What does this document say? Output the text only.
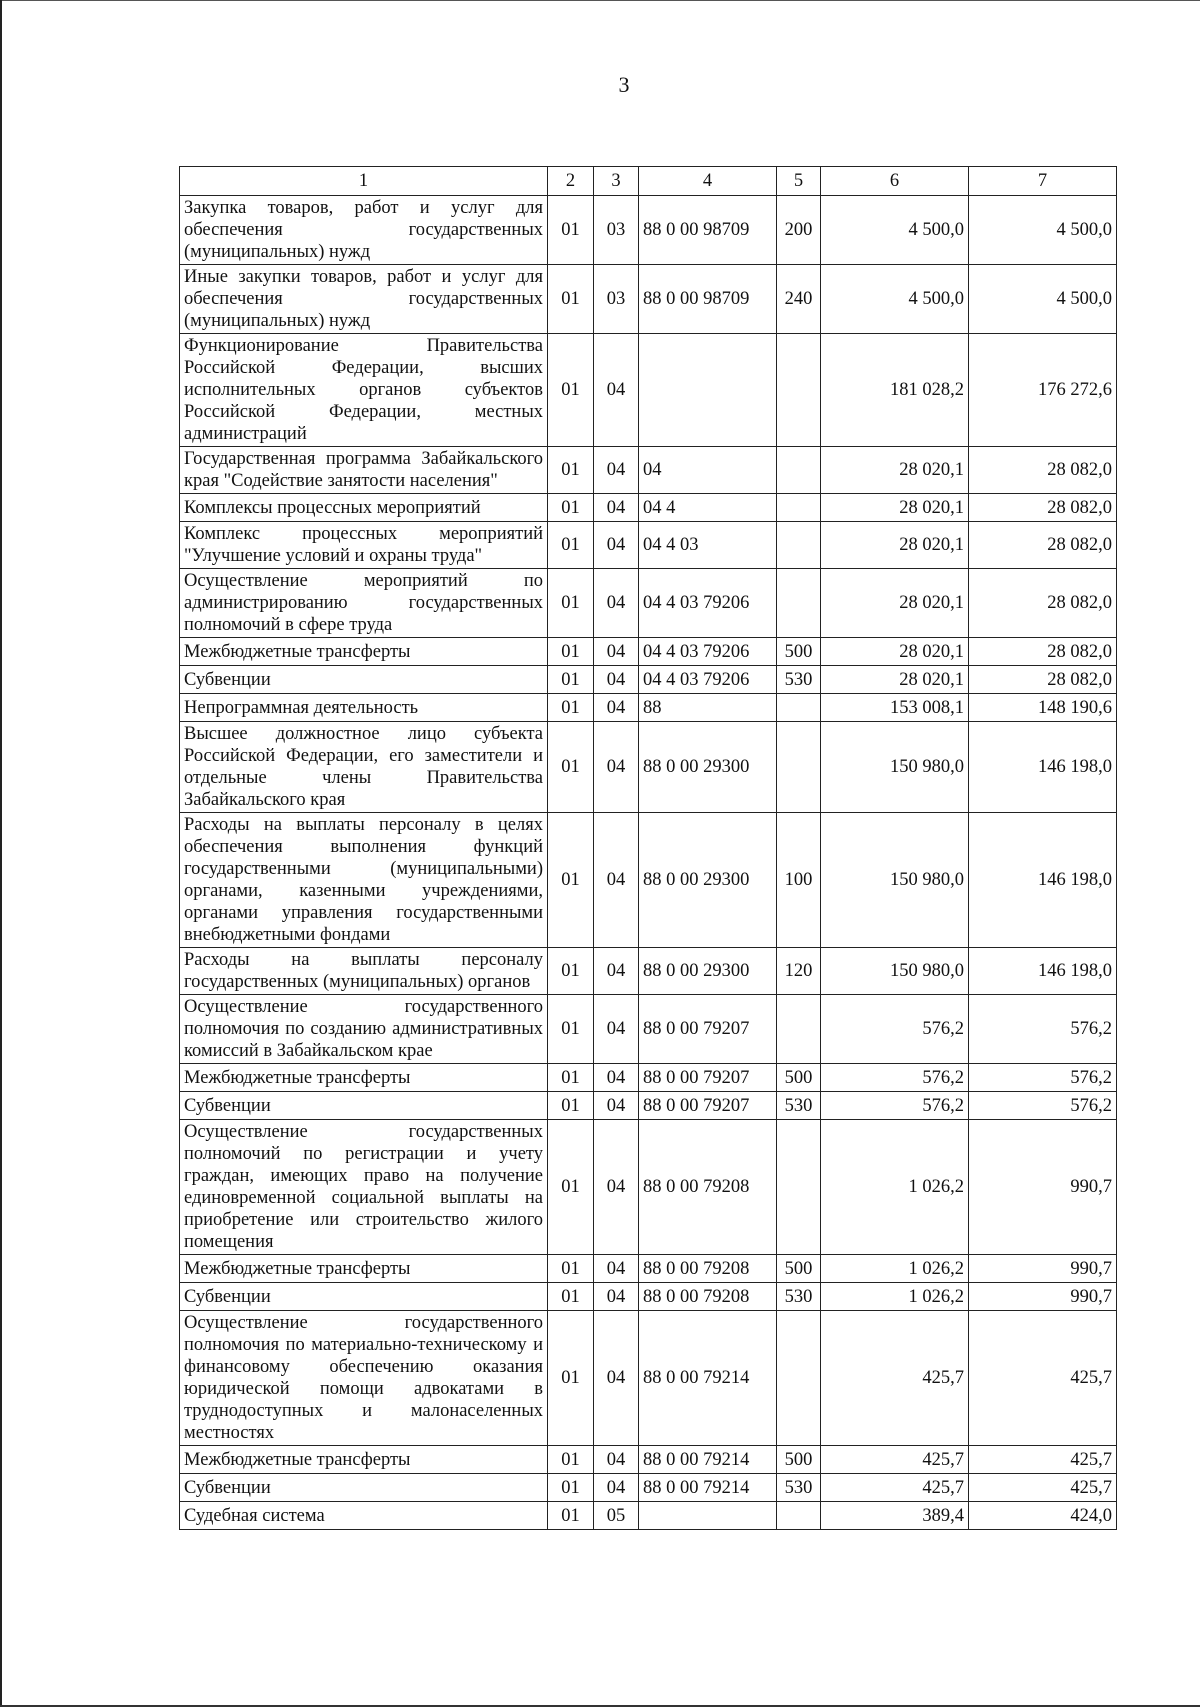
3
1	2	3	4	5	6	7
Закупка товаров, работ и услуг для обеспечения государственных (муниципальных) нужд	01	03	88 0 00 98709	200	4 500,0	4 500,0
Иные закупки товаров, работ и услуг для обеспечения государственных (муниципальных) нужд	01	03	88 0 00 98709	240	4 500,0	4 500,0
Функционирование Правительства Российской Федерации, высших исполнительных органов субъектов Российской Федерации, местных администраций	01	04			181 028,2	176 272,6
Государственная программа Забайкальского края "Содействие занятости населения"	01	04	04		28 020,1	28 082,0
Комплексы процессных мероприятий	01	04	04 4		28 020,1	28 082,0
Комплекс процессных мероприятий "Улучшение условий и охраны труда"	01	04	04 4 03		28 020,1	28 082,0
Осуществление мероприятий по администрированию государственных полномочий в сфере труда	01	04	04 4 03 79206		28 020,1	28 082,0
Межбюджетные трансферты	01	04	04 4 03 79206	500	28 020,1	28 082,0
Субвенции	01	04	04 4 03 79206	530	28 020,1	28 082,0
Непрограммная деятельность	01	04	88		153 008,1	148 190,6
Высшее должностное лицо субъекта Российской Федерации, его заместители и отдельные члены Правительства Забайкальского края	01	04	88 0 00 29300		150 980,0	146 198,0
Расходы на выплаты персоналу в целях обеспечения выполнения функций государственными (муниципальными) органами, казенными учреждениями, органами управления государственными внебюджетными фондами	01	04	88 0 00 29300	100	150 980,0	146 198,0
Расходы на выплаты персоналу государственных (муниципальных) органов	01	04	88 0 00 29300	120	150 980,0	146 198,0
Осуществление государственного полномочия по созданию административных комиссий в Забайкальском крае	01	04	88 0 00 79207		576,2	576,2
Межбюджетные трансферты	01	04	88 0 00 79207	500	576,2	576,2
Субвенции	01	04	88 0 00 79207	530	576,2	576,2
Осуществление государственных полномочий по регистрации и учету граждан, имеющих право на получение единовременной социальной выплаты на приобретение или строительство жилого помещения	01	04	88 0 00 79208		1 026,2	990,7
Межбюджетные трансферты	01	04	88 0 00 79208	500	1 026,2	990,7
Субвенции	01	04	88 0 00 79208	530	1 026,2	990,7
Осуществление государственного полномочия по материально-техническому и финансовому обеспечению оказания юридической помощи адвокатами в труднодоступных и малонаселенных местностях	01	04	88 0 00 79214		425,7	425,7
Межбюджетные трансферты	01	04	88 0 00 79214	500	425,7	425,7
Субвенции	01	04	88 0 00 79214	530	425,7	425,7
Судебная система	01	05			389,4	424,0
